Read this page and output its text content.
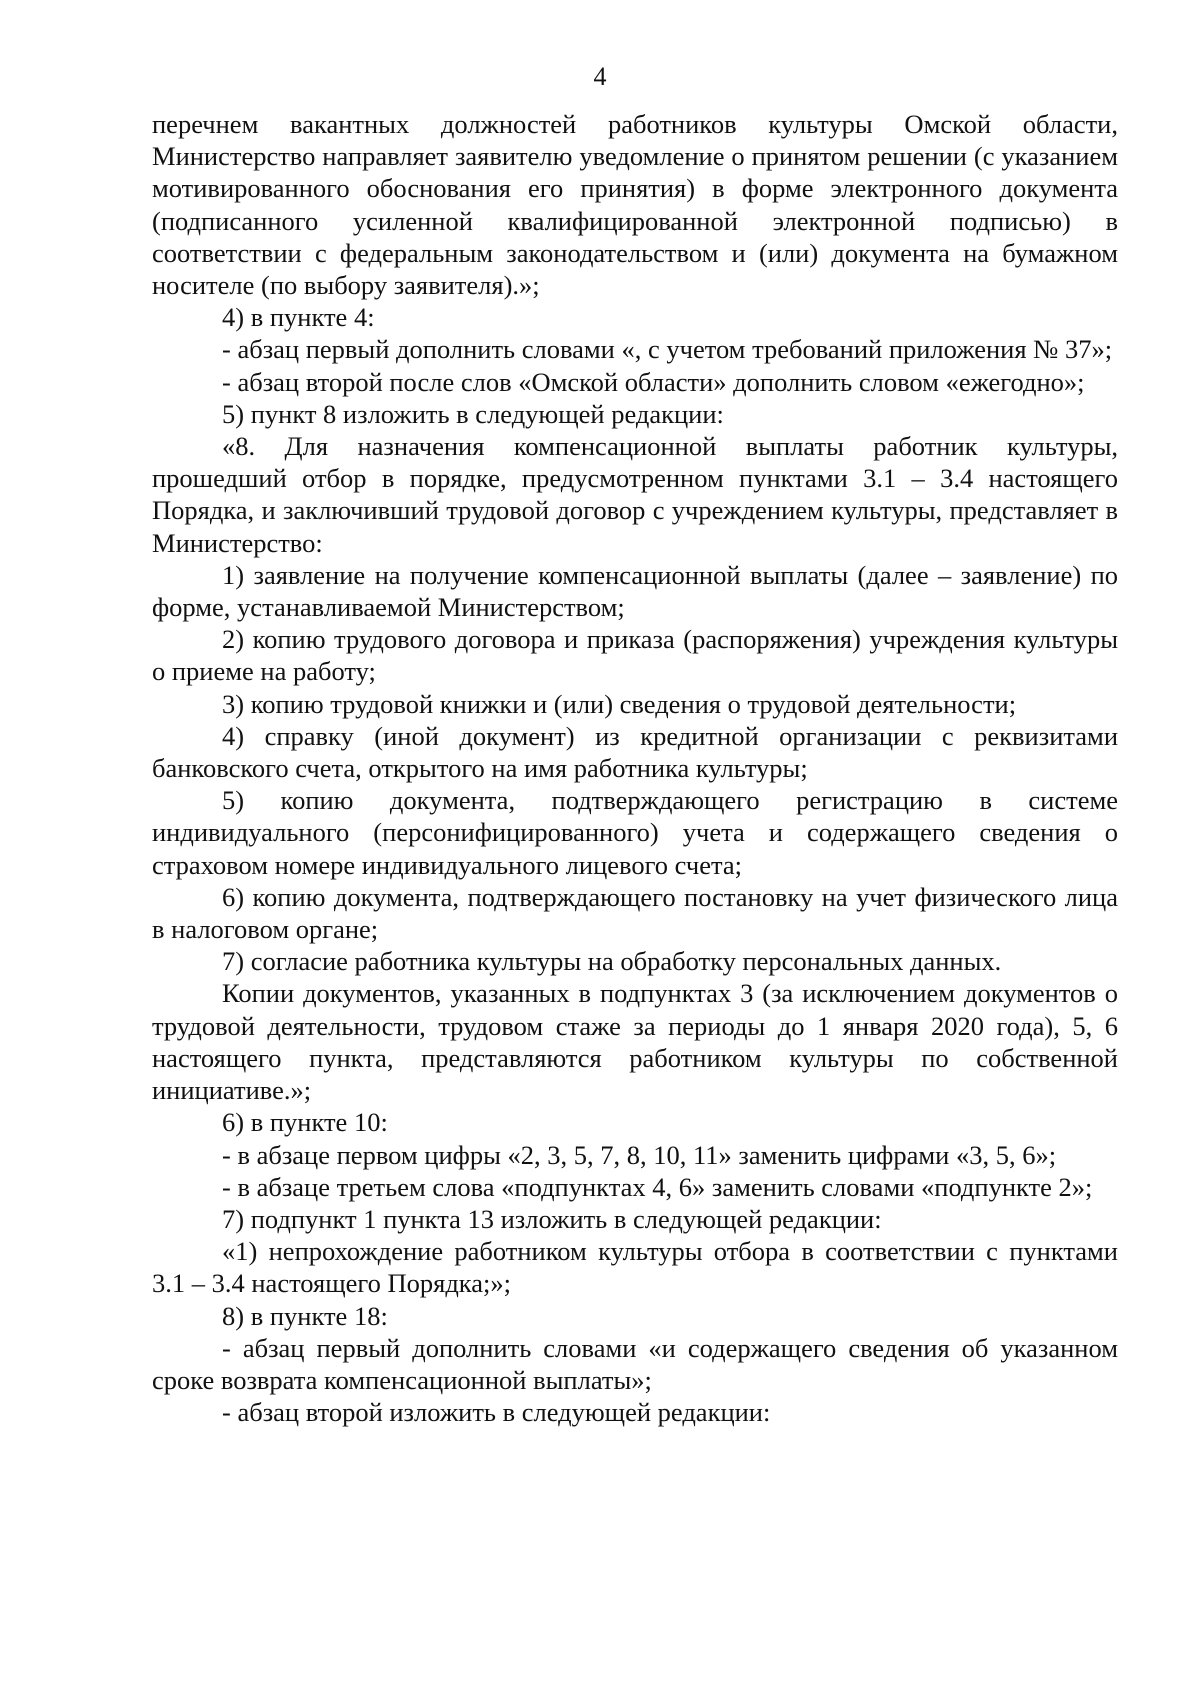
4

перечнем вакантных должностей работников культуры Омской области, Министерство направляет заявителю уведомление о принятом решении (с указанием мотивированного обоснования его принятия) в форме электронного документа (подписанного усиленной квалифицированной электронной подписью) в соответствии с федеральным законодательством и (или) документа на бумажном носителе (по выбору заявителя).»;

4) в пункте 4:

- абзац первый дополнить словами «, с учетом требований приложения № 37»;

- абзац второй после слов «Омской области» дополнить словом «ежегодно»;

5) пункт 8 изложить в следующей редакции:

«8. Для назначения компенсационной выплаты работник культуры, прошедший отбор в порядке, предусмотренном пунктами 3.1 – 3.4 настоящего Порядка, и заключивший трудовой договор с учреждением культуры, представляет в Министерство:

1) заявление на получение компенсационной выплаты (далее – заявление) по форме, устанавливаемой Министерством;

2) копию трудового договора и приказа (распоряжения) учреждения культуры о приеме на работу;

3) копию трудовой книжки и (или) сведения о трудовой деятельности;

4) справку (иной документ) из кредитной организации с реквизитами банковского счета, открытого на имя работника культуры;

5) копию документа, подтверждающего регистрацию в системе индивидуального (персонифицированного) учета и содержащего сведения о страховом номере индивидуального лицевого счета;

6) копию документа, подтверждающего постановку на учет физического лица в налоговом органе;

7) согласие работника культуры на обработку персональных данных.

Копии документов, указанных в подпунктах 3 (за исключением документов о трудовой деятельности, трудовом стаже за периоды до 1 января 2020 года), 5, 6 настоящего пункта, представляются работником культуры по собственной инициативе.»;

6) в пункте 10:

- в абзаце первом цифры «2, 3, 5, 7, 8, 10, 11» заменить цифрами «3, 5, 6»;

- в абзаце третьем слова «подпунктах 4, 6» заменить словами «подпункте 2»;

7) подпункт 1 пункта 13 изложить в следующей редакции:

«1) непрохождение работником культуры отбора в соответствии с пунктами 3.1 – 3.4 настоящего Порядка;»;

8) в пункте 18:

- абзац первый дополнить словами «и содержащего сведения об указанном сроке возврата компенсационной выплаты»;

- абзац второй изложить в следующей редакции:
